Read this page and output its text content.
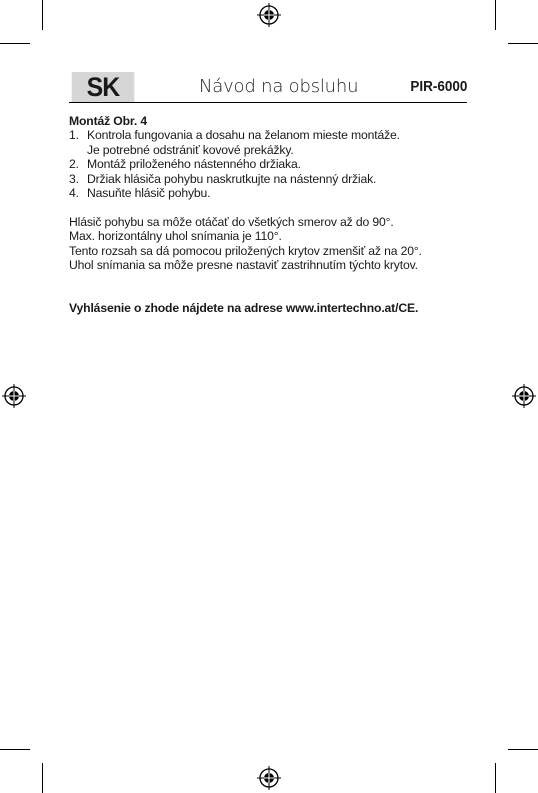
SK	Návod na obsluhu	PIR-6000

Montáž Obr. 4

1. Kontrola fungovania a dosahu na želanom mieste montáže.
Je potrebné odstrániť kovové prekážky.
2. Montáž priloženého nástenného držiaka.
3. Držiak hlásiča pohybu naskrutkujte na nástenný držiak.
4. Nasuňte hlásič pohybu.
Hlásič pohybu sa môže otáčať do všetkých smerov až do 90°.
Max. horizontálny uhol snímania je 110°.
Tento rozsah sa dá pomocou priložených krytov zmenšiť až na 20°.
Uhol snímania sa môže presne nastaviť zastrihnutím týchto krytov.
Vyhlásenie o zhode nájdete na adrese www.intertechno.at/CE.
